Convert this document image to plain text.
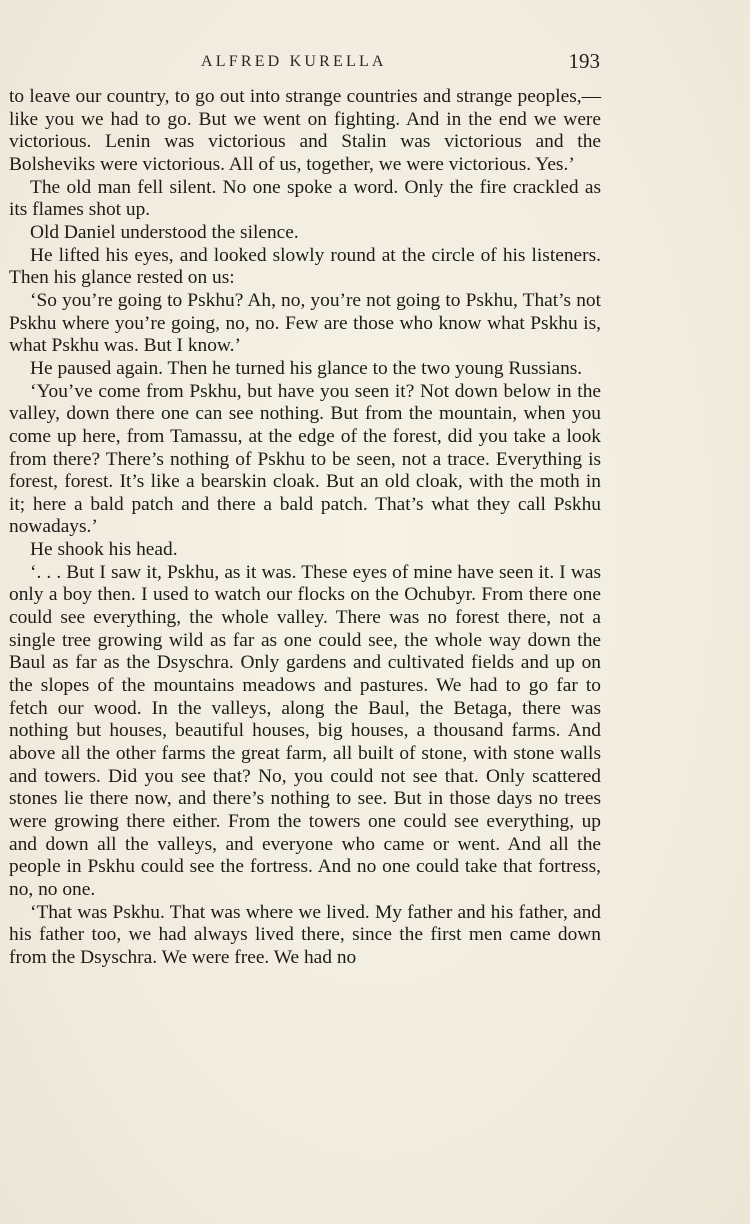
ALFRED KURELLA	193

to leave our country, to go out into strange countries and strange peoples,—like you we had to go. But we went on fighting. And in the end we were victorious. Lenin was victorious and Stalin was victorious and the Bolsheviks were victorious. All of us, together, we were victorious. Yes.’

The old man fell silent. No one spoke a word. Only the fire crackled as its flames shot up.

Old Daniel understood the silence.

He lifted his eyes, and looked slowly round at the circle of his listeners. Then his glance rested on us:

‘So you’re going to Pskhu? Ah, no, you’re not going to Pskhu, That’s not Pskhu where you’re going, no, no. Few are those who know what Pskhu is, what Pskhu was. But I know.’

He paused again. Then he turned his glance to the two young Russians.

‘You’ve come from Pskhu, but have you seen it? Not down below in the valley, down there one can see nothing. But from the mountain, when you come up here, from Tamassu, at the edge of the forest, did you take a look from there? There’s nothing of Pskhu to be seen, not a trace. Everything is forest, forest. It’s like a bearskin cloak. But an old cloak, with the moth in it; here a bald patch and there a bald patch. That’s what they call Pskhu nowadays.’

He shook his head.

‘. . . But I saw it, Pskhu, as it was. These eyes of mine have seen it. I was only a boy then. I used to watch our flocks on the Ochubyr. From there one could see everything, the whole valley. There was no forest there, not a single tree growing wild as far as one could see, the whole way down the Baul as far as the Dsyschra. Only gardens and cultivated fields and up on the slopes of the mountains meadows and pastures. We had to go far to fetch our wood. In the valleys, along the Baul, the Betaga, there was nothing but houses, beautiful houses, big houses, a thousand farms. And above all the other farms the great farm, all built of stone, with stone walls and towers. Did you see that? No, you could not see that. Only scattered stones lie there now, and there’s nothing to see. But in those days no trees were growing there either. From the towers one could see everything, up and down all the valleys, and everyone who came or went. And all the people in Pskhu could see the fortress. And no one could take that fortress, no, no one.

‘That was Pskhu. That was where we lived. My father and his father, and his father too, we had always lived there, since the first men came down from the Dsyschra. We were free. We had no
